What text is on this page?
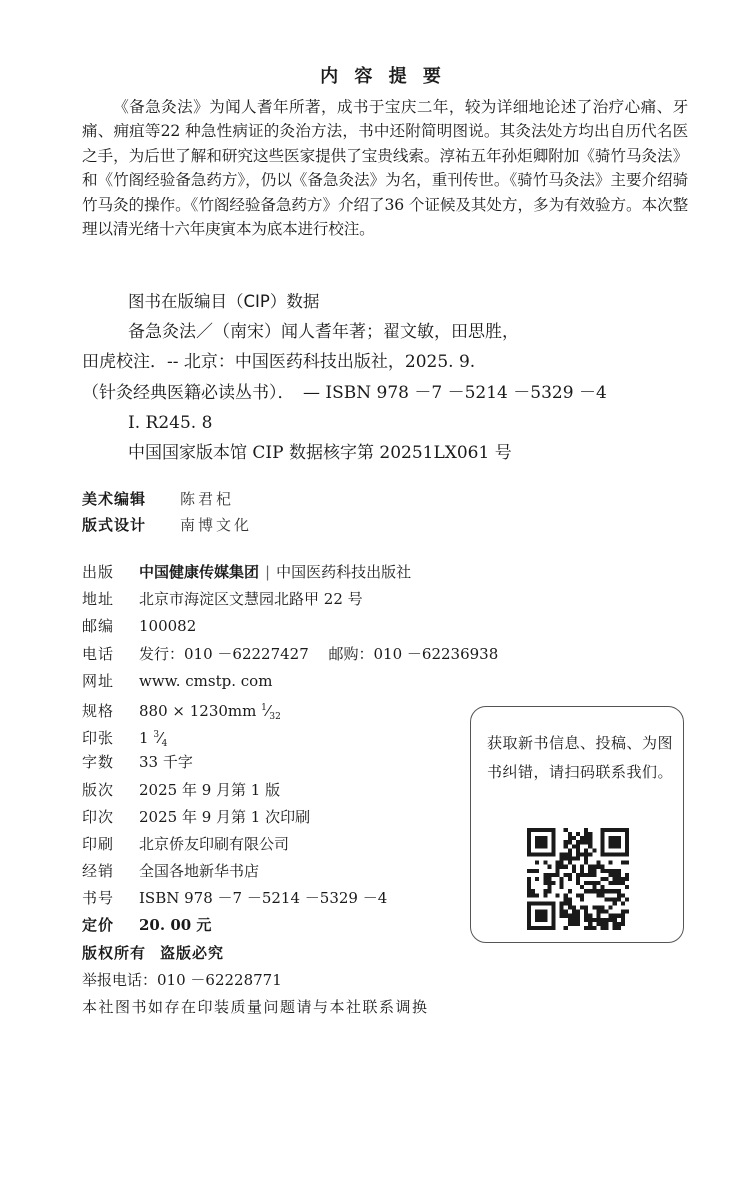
内 容 提 要
《备急灸法》为闻人耆年所著，成书于宝庆二年，较为详细地论述了治疗心痛、牙痛、痈疽等22 种急性病证的灸治方法，书中还附简明图说。其灸法处方均出自历代名医之手，为后世了解和研究这些医家提供了宝贵线索。淳祐五年孙炬卿附加《骑竹马灸法》和《竹阁经验备急药方》，仍以《备急灸法》为名，重刊传世。《骑竹马灸法》主要介绍骑竹马灸的操作。《竹阁经验备急药方》介绍了36 个证候及其处方，多为有效验方。本次整理以清光绪十六年庚寅本为底本进行校注。
图书在版编目（CIP）数据
备急灸法／（南宋）闻人耆年著；翟文敏，田思胜，
田虎校注．-- 北京：中国医药科技出版社，2025. 9.
（针灸经典医籍必读丛书）．　— ISBN 978 －7 －5214 －5329 －4
Ⅰ. R245. 8
中国国家版本馆 CIP 数据核字第 20251LX061 号
美术编辑 陈君杞
版式设计 南博文化
出版 中国健康传媒集团 | 中国医药科技出版社
地址 北京市海淀区文慧园北路甲 22 号
邮编 100082
电话 发行：010 －62227427　 邮购：010 －62236938
网址 www. cmstp. com
规格 880 × 1230mm $^1⁄_{32}$
印张 1 $^3⁄_4$
字数 33 千字
版次 2025 年 9 月第 1 版
印次 2025 年 9 月第 1 次印刷
印刷 北京侨友印刷有限公司
经销 全国各地新华书店
书号 ISBN 978 －7 －5214 －5329 －4
定价 20. 00 元
版权所有 盗版必究
举报电话：010 －62228771
本社图书如存在印装质量问题请与本社联系调换
获取新书信息、投稿、为图书纠错，请扫码联系我们。
